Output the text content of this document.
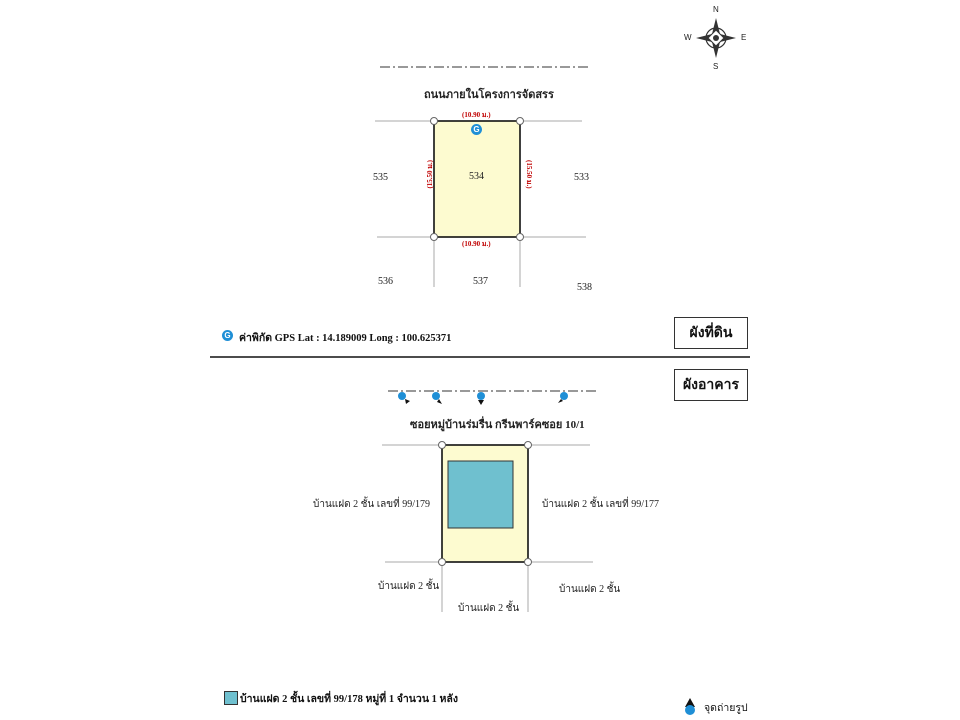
N
S
E
W
ถนนภายในโครงการจัดสรร
(10.90 ม.)
G
(15.50 ม.)	(15.50 ม.)
(10.90 ม.)
534
535	533
536	537
538
G ค่าพิกัด GPS Lat : 14.189009 Long : 100.625371	ผังที่ดิน
ผังอาคาร
ซอยหมู่บ้านร่มรื่น กรีนพาร์คซอย 10/1
บ้านแฝด 2 ชั้น เลขที่ 99/179	บ้านแฝด 2 ชั้น เลขที่ 99/177
บ้านแฝด 2 ชั้น
บ้านแฝด 2 ชั้น
บ้านแฝด 2 ชั้น
บ้านแฝด 2 ชั้น เลขที่ 99/178 หมู่ที่ 1 จำนวน 1 หลัง
จุดถ่ายรูป
